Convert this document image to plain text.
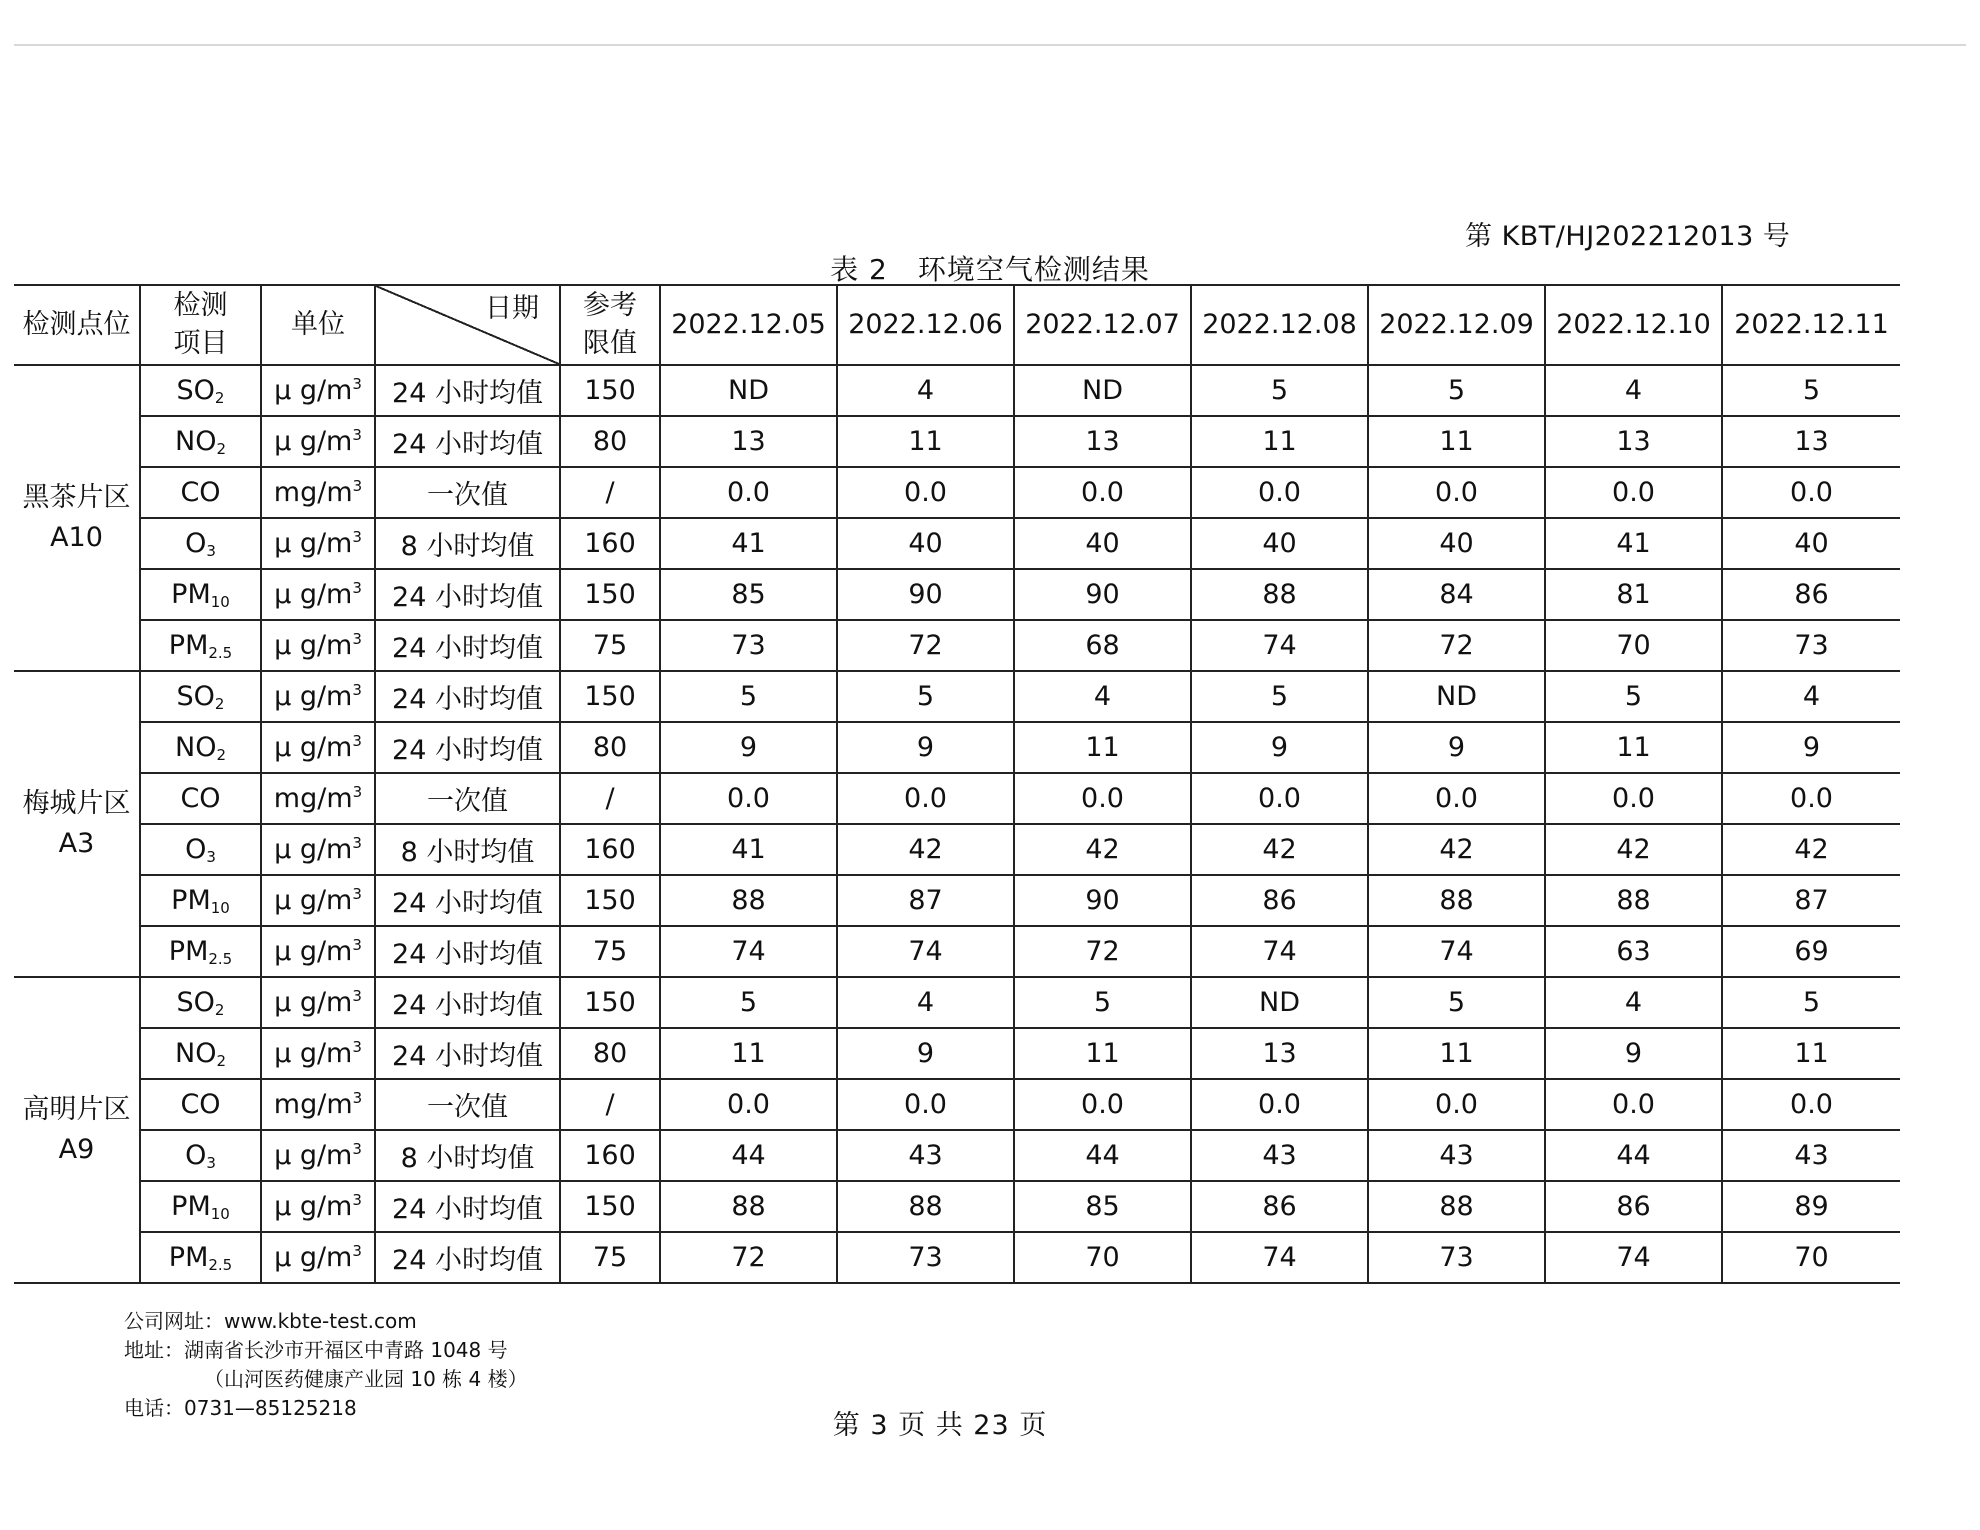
第 KBT/HJ202212013 号
表 2 环境空气检测结果
检测点位	检测
项目	单位	日期	参考
限值	2022.12.05	2022.12.06	2022.12.07	2022.12.08	2022.12.09	2022.12.10	2022.12.11

黑茶片区
A10	$SO_2$	μ $g/m^3$	24 小时均值	150	ND	4	ND	5	5	4	5
	$NO_2$	μ $g/m^3$	24 小时均值	80	13	11	13	11	11	13	13
	CO	$mg/m^3$	一次值	/	0.0	0.0	0.0	0.0	0.0	0.0	0.0
	$O_3$	μ $g/m^3$	8 小时均值	160	41	40	40	40	40	41	40
	$PM_{10}$	μ $g/m^3$	24 小时均值	150	85	90	90	88	84	81	86
	$PM_{2.5}$	μ $g/m^3$	24 小时均值	75	73	72	68	74	72	70	73

梅城片区
A3	$SO_2$	μ $g/m^3$	24 小时均值	150	5	5	4	5	ND	5	4
	$NO_2$	μ $g/m^3$	24 小时均值	80	9	9	11	9	9	11	9
	CO	$mg/m^3$	一次值	/	0.0	0.0	0.0	0.0	0.0	0.0	0.0
	$O_3$	μ $g/m^3$	8 小时均值	160	41	42	42	42	42	42	42
	$PM_{10}$	μ $g/m^3$	24 小时均值	150	88	87	90	86	88	88	87
	$PM_{2.5}$	μ $g/m^3$	24 小时均值	75	74	74	72	74	74	63	69

高明片区
A9	$SO_2$	μ $g/m^3$	24 小时均值	150	5	4	5	ND	5	4	5
	$NO_2$	μ $g/m^3$	24 小时均值	80	11	9	11	13	11	9	11
	CO	$mg/m^3$	一次值	/	0.0	0.0	0.0	0.0	0.0	0.0	0.0
	$O_3$	μ $g/m^3$	8 小时均值	160	44	43	44	43	43	44	43
	$PM_{10}$	μ $g/m^3$	24 小时均值	150	88	88	85	86	88	86	89
	$PM_{2.5}$	μ $g/m^3$	24 小时均值	75	72	73	70	74	73	74	70
公司网址：www.kbte-test.com
地址：湖南省长沙市开福区中青路 1048 号
（山河医药健康产业园 10 栋 4 楼）
电话：0731—85125218
第 3 页 共 23 页
